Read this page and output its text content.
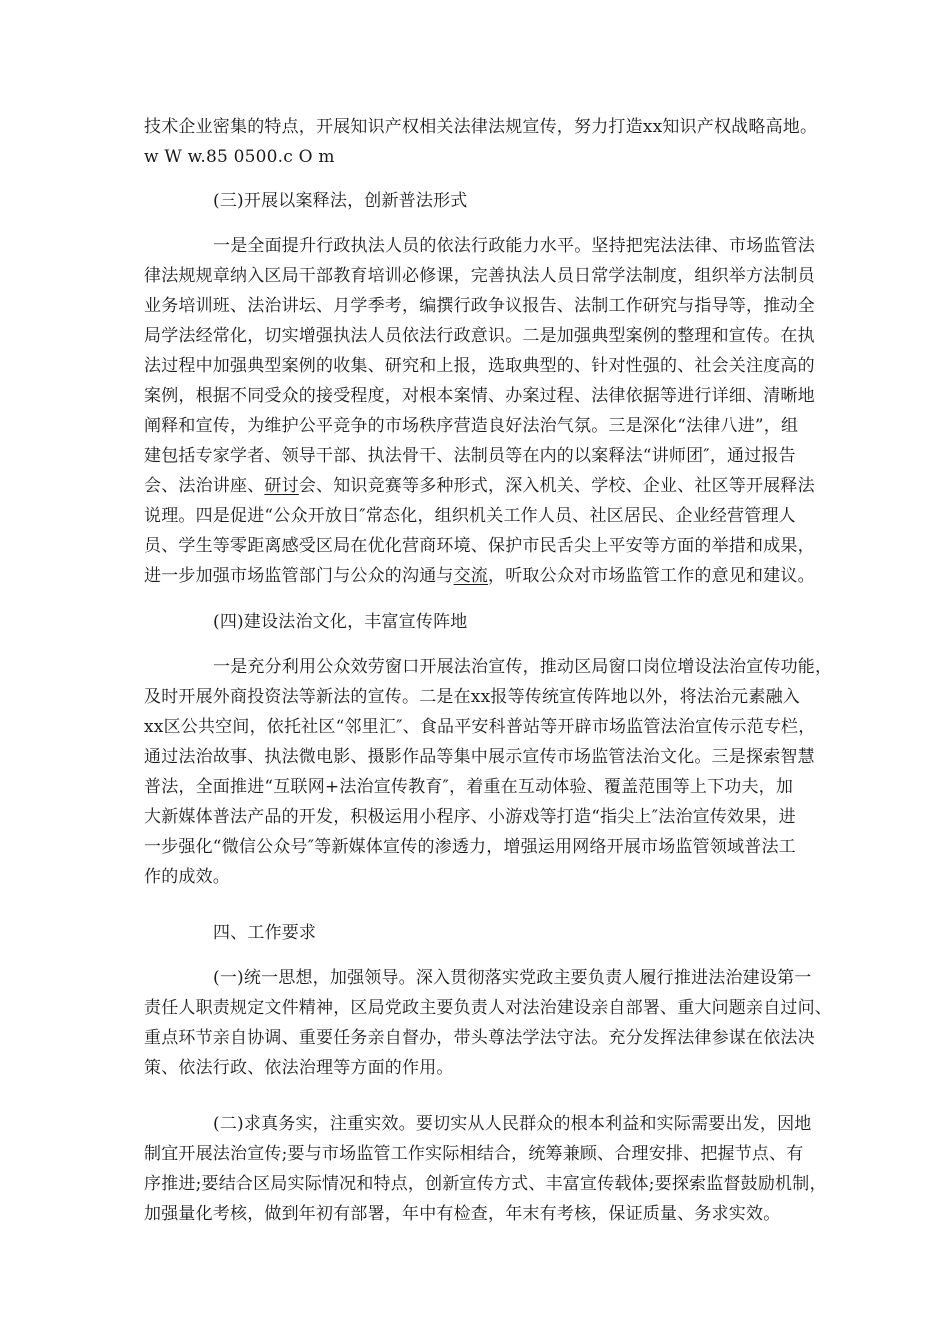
技术企业密集的特点，开展知识产权相关法律法规宣传，努力打造xx知识产权战略高地。
w W w.85 0500.c O m
(三)开展以案释法，创新普法形式
一是全面提升行政执法人员的依法行政能力水平。坚持把宪法法律、市场监管法
律法规规章纳入区局干部教育培训必修课，完善执法人员日常学法制度，组织举方法制员
业务培训班、法治讲坛、月学季考，编撰行政争议报告、法制工作研究与指导等，推动全
局学法经常化，切实增强执法人员依法行政意识。二是加强典型案例的整理和宣传。在执
法过程中加强典型案例的收集、研究和上报，选取典型的、针对性强的、社会关注度高的
案例，根据不同受众的接受程度，对根本案情、办案过程、法律依据等进行详细、清晰地
阐释和宣传，为维护公平竞争的市场秩序营造良好法治气氛。三是深化“法律八进”，组
建包括专家学者、领导干部、执法骨干、法制员等在内的以案释法“讲师团″，通过报告
会、法治讲座、研讨会、知识竞赛等多种形式，深入机关、学校、企业、社区等开展释法
说理。四是促进“公众开放日″常态化，组织机关工作人员、社区居民、企业经营管理人
员、学生等零距离感受区局在优化营商环境、保护市民舌尖上平安等方面的举措和成果，
进一步加强市场监管部门与公众的沟通与交流，听取公众对市场监管工作的意见和建议。
(四)建设法治文化，丰富宣传阵地
一是充分利用公众效劳窗口开展法治宣传，推动区局窗口岗位增设法治宣传功能，
及时开展外商投资法等新法的宣传。二是在xx报等传统宣传阵地以外，将法治元素融入
xx区公共空间，依托社区“邻里汇″、食品平安科普站等开辟市场监管法治宣传示范专栏，
通过法治故事、执法微电影、摄影作品等集中展示宣传市场监管法治文化。三是探索智慧
普法，全面推进“互联网+法治宣传教育″，着重在互动体验、覆盖范围等上下功夫，加
大新媒体普法产品的开发，积极运用小程序、小游戏等打造“指尖上″法治宣传效果，进
一步强化“微信公众号″等新媒体宣传的渗透力，增强运用网络开展市场监管领域普法工
作的成效。
四、工作要求
(一)统一思想，加强领导。深入贯彻落实党政主要负责人履行推进法治建设第一
责任人职责规定文件精神，区局党政主要负责人对法治建设亲自部署、重大问题亲自过问、
重点环节亲自协调、重要任务亲自督办，带头尊法学法守法。充分发挥法律参谋在依法决
策、依法行政、依法治理等方面的作用。
(二)求真务实，注重实效。要切实从人民群众的根本利益和实际需要出发，因地
制宜开展法治宣传;要与市场监管工作实际相结合，统筹兼顾、合理安排、把握节点、有
序推进;要结合区局实际情况和特点，创新宣传方式、丰富宣传载体;要探索监督鼓励机制，
加强量化考核，做到年初有部署，年中有检查，年末有考核，保证质量、务求实效。
